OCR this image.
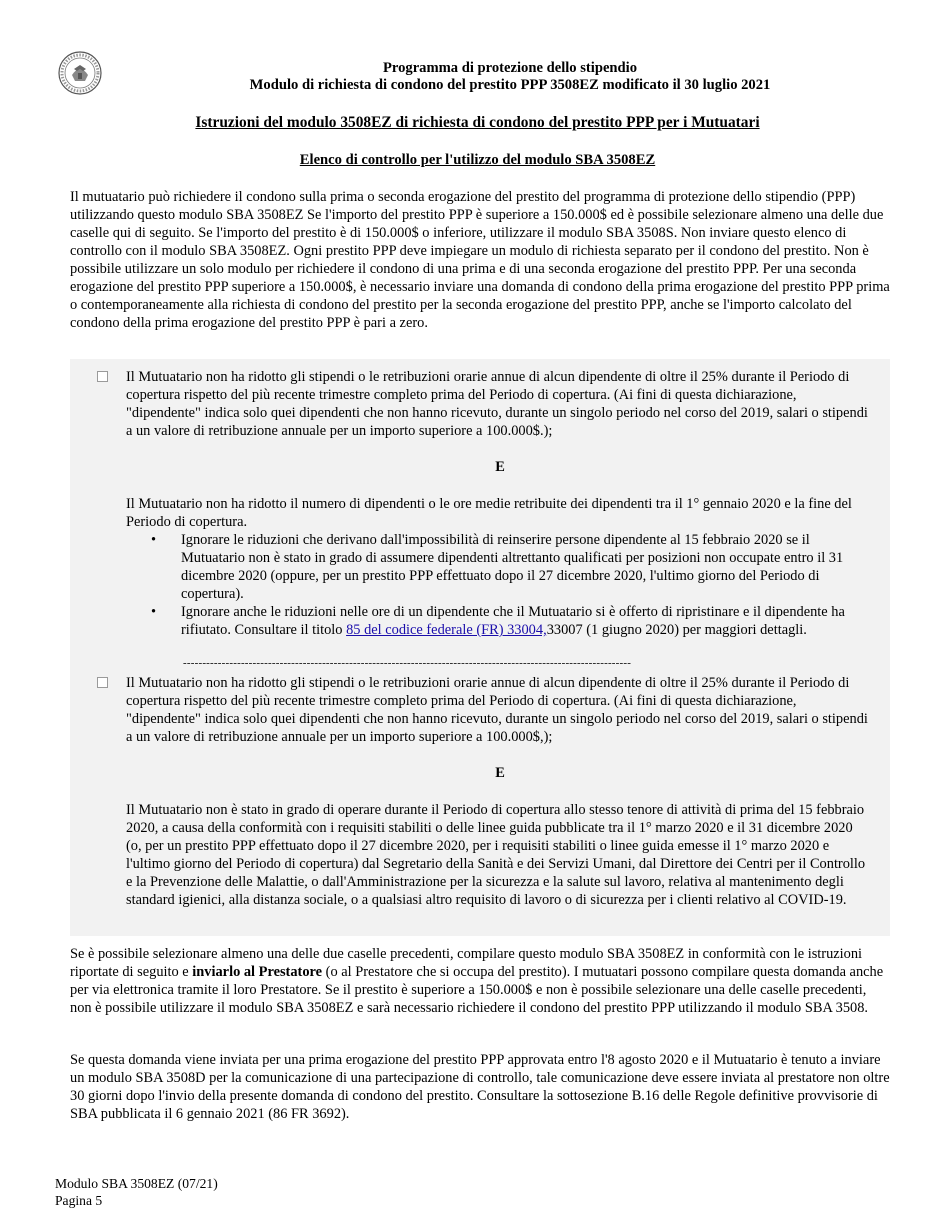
Programma di protezione dello stipendio
Modulo di richiesta di condono del prestito PPP 3508EZ modificato il 30 luglio 2021
Istruzioni del modulo 3508EZ di richiesta di condono del prestito PPP per i Mutuatari
Elenco di controllo per l'utilizzo del modulo SBA 3508EZ

Il mutuatario può richiedere il condono sulla prima o seconda erogazione del prestito del programma di protezione dello stipendio (PPP) utilizzando questo modulo SBA 3508EZ Se l'importo del prestito PPP è superiore a 150.000$ ed è possibile selezionare almeno una delle due caselle qui di seguito. Se l'importo del prestito è di 150.000$ o inferiore, utilizzare il modulo SBA 3508S. Non inviare questo elenco di controllo con il modulo SBA 3508EZ. Ogni prestito PPP deve impiegare un modulo di richiesta separato per il condono del prestito. Non è possibile utilizzare un solo modulo per richiedere il condono di una prima e di una seconda erogazione del prestito PPP. Per una seconda erogazione del prestito PPP superiore a 150.000$, è necessario inviare una domanda di condono della prima erogazione del prestito PPP prima o contemporaneamente alla richiesta di condono del prestito per la seconda erogazione del prestito PPP, anche se l'importo calcolato del condono della prima erogazione del prestito PPP è pari a zero.

Il Mutuatario non ha ridotto gli stipendi o le retribuzioni orarie annue di alcun dipendente di oltre il 25% durante il Periodo di copertura rispetto del più recente trimestre completo prima del Periodo di copertura. (Ai fini di questa dichiarazione, "dipendente" indica solo quei dipendenti che non hanno ricevuto, durante un singolo periodo nel corso del 2019, salari o stipendi a un valore di retribuzione annuale per un importo superiore a 100.000$.);

E

Il Mutuatario non ha ridotto il numero di dipendenti o le ore medie retribuite dei dipendenti tra il 1° gennaio 2020 e la fine del Periodo di copertura.

• Ignorare le riduzioni che derivano dall'impossibilità di reinserire persone dipendente al 15 febbraio 2020 se il Mutuatario non è stato in grado di assumere dipendenti altrettanto qualificati per posizioni non occupate entro il 31 dicembre 2020 (oppure, per un prestito PPP effettuato dopo il 27 dicembre 2020, l'ultimo giorno del Periodo di copertura).
• Ignorare anche le riduzioni nelle ore di un dipendente che il Mutuatario si è offerto di ripristinare e il dipendente ha rifiutato. Consultare il titolo 85 del codice federale (FR) 33004,33007 (1 giugno 2020) per maggiori dettagli.
--------------------------------------------------------------------------------------------------------------------

Il Mutuatario non ha ridotto gli stipendi o le retribuzioni orarie annue di alcun dipendente di oltre il 25% durante il Periodo di copertura rispetto del più recente trimestre completo prima del Periodo di copertura. (Ai fini di questa dichiarazione, "dipendente" indica solo quei dipendenti che non hanno ricevuto, durante un singolo periodo nel corso del 2019, salari o stipendi a un valore di retribuzione annuale per un importo superiore a 100.000$,);

E

Il Mutuatario non è stato in grado di operare durante il Periodo di copertura allo stesso tenore di attività di prima del 15 febbraio 2020, a causa della conformità con i requisiti stabiliti o delle linee guida pubblicate tra il 1° marzo 2020 e il 31 dicembre 2020 (o, per un prestito PPP effettuato dopo il 27 dicembre 2020, per i requisiti stabiliti o linee guida emesse il 1° marzo 2020 e l'ultimo giorno del Periodo di copertura) dal Segretario della Sanità e dei Servizi Umani, dal Direttore dei Centri per il Controllo e la Prevenzione delle Malattie, o dall'Amministrazione per la sicurezza e la salute sul lavoro, relativa al mantenimento degli standard igienici, alla distanza sociale, o a qualsiasi altro requisito di lavoro o di sicurezza per i clienti relativo al COVID-19.

Se è possibile selezionare almeno una delle due caselle precedenti, compilare questo modulo SBA 3508EZ in conformità con le istruzioni riportate di seguito e inviarlo al Prestatore (o al Prestatore che si occupa del prestito). I mutuatari possono compilare questa domanda anche per via elettronica tramite il loro Prestatore. Se il prestito è superiore a 150.000$ e non è possibile selezionare una delle caselle precedenti, non è possibile utilizzare il modulo SBA 3508EZ e sarà necessario richiedere il condono del prestito PPP utilizzando il modulo SBA 3508.

Se questa domanda viene inviata per una prima erogazione del prestito PPP approvata entro l'8 agosto 2020 e il Mutuatario è tenuto a inviare un modulo SBA 3508D per la comunicazione di una partecipazione di controllo, tale comunicazione deve essere inviata al prestatore non oltre 30 giorni dopo l'invio della presente domanda di condono del prestito. Consultare la sottosezione B.16 delle Regole definitive provvisorie di SBA pubblicata il 6 gennaio 2021 (86 FR 3692).

Modulo SBA 3508EZ (07/21)
Pagina 5
